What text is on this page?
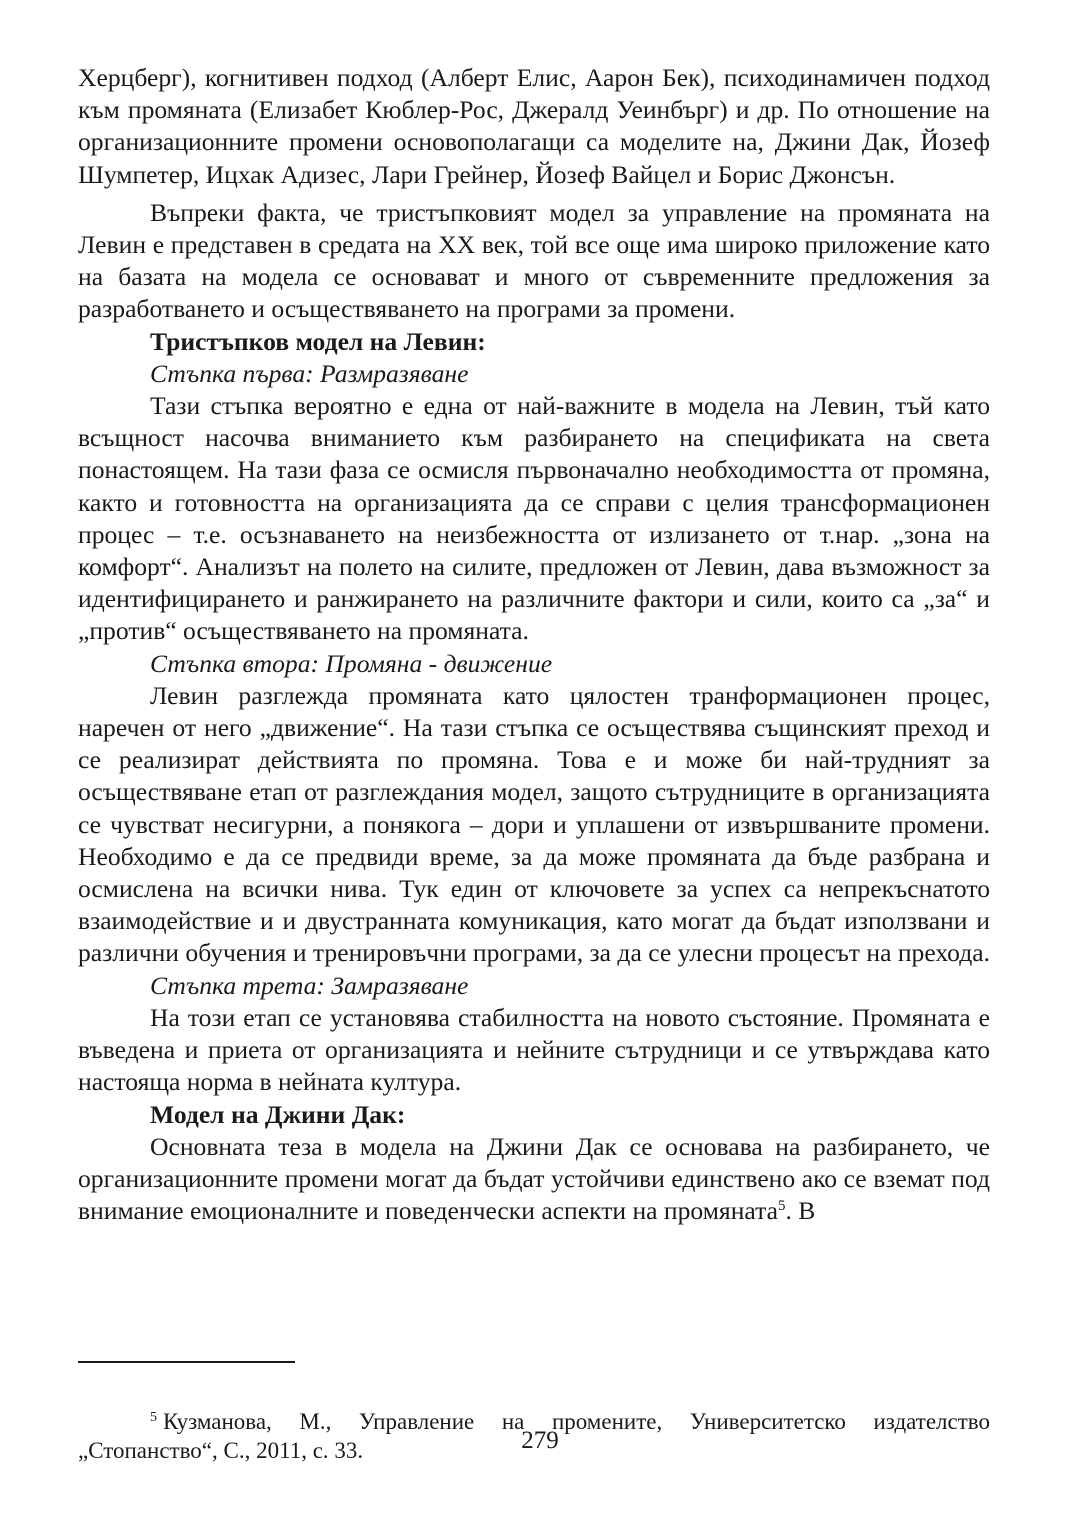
Херцберг), когнитивен подход (Алберт Елис, Аарон Бек), психодинамичен подход към промяната (Елизабет Кюблер-Рос, Джералд Уеинбърг) и др. По отношение на организационните промени основополагащи са моделите на, Джини Дак, Йозеф Шумпетер, Ицхак Адизес, Лари Грейнер, Йозеф Вайцел и Борис Джонсън.

Въпреки факта, че тристъпковият модел за управление на промяната на Левин е представен в средата на XX век, той все още има широко приложение като на базата на модела се основават и много от съвременните предложения за разработването и осъществяването на програми за промени.

Тристъпков модел на Левин:

Стъпка първа: Размразяване

Тази стъпка вероятно е една от най-важните в модела на Левин, тъй като всъщност насочва вниманието към разбирането на спецификата на света понастоящем. На тази фаза се осмисля първоначално необходимостта от промяна, както и готовността на организацията да се справи с целия трансформационен процес – т.е. осъзнаването на неизбежността от излизането от т.нар. „зона на комфорт“. Анализът на полето на силите, предложен от Левин, дава възможност за идентифицирането и ранжирането на различните фактори и сили, които са „за“ и „против“ осъществяването на промяната.

Стъпка втора: Промяна - движение

Левин разглежда промяната като цялостен транформационен процес, наречен от него „движение“. На тази стъпка се осъществява същинският преход и се реализират действията по промяна. Това е и може би най-трудният за осъществяване етап от разглеждания модел, защото сътрудниците в организацията се чувстват несигурни, а понякога – дори и уплашени от извършваните промени. Необходимо е да се предвиди време, за да може промяната да бъде разбрана и осмислена на всички нива. Тук един от ключовете за успех са непрекъснатото взаимодействие и и двустранната комуникация, като могат да бъдат използвани и различни обучения и тренировъчни програми, за да се улесни процесът на прехода.

Стъпка трета: Замразяване

На този етап се установява стабилността на новото състояние. Промяната е въведена и приета от организацията и нейните сътрудници и се утвърждава като настояща норма в нейната култура.

Модел на Джини Дак:

Основната теза в модела на Джини Дак се основава на разбирането, че организационните промени могат да бъдат устойчиви единствено ако се вземат под внимание емоционалните и поведенчески аспекти на промяната$^5$. В

$^5$ Кузманова, М., Управление на промените, Университетско издателство „Стопанство“, С., 2011, с. 33.	279
